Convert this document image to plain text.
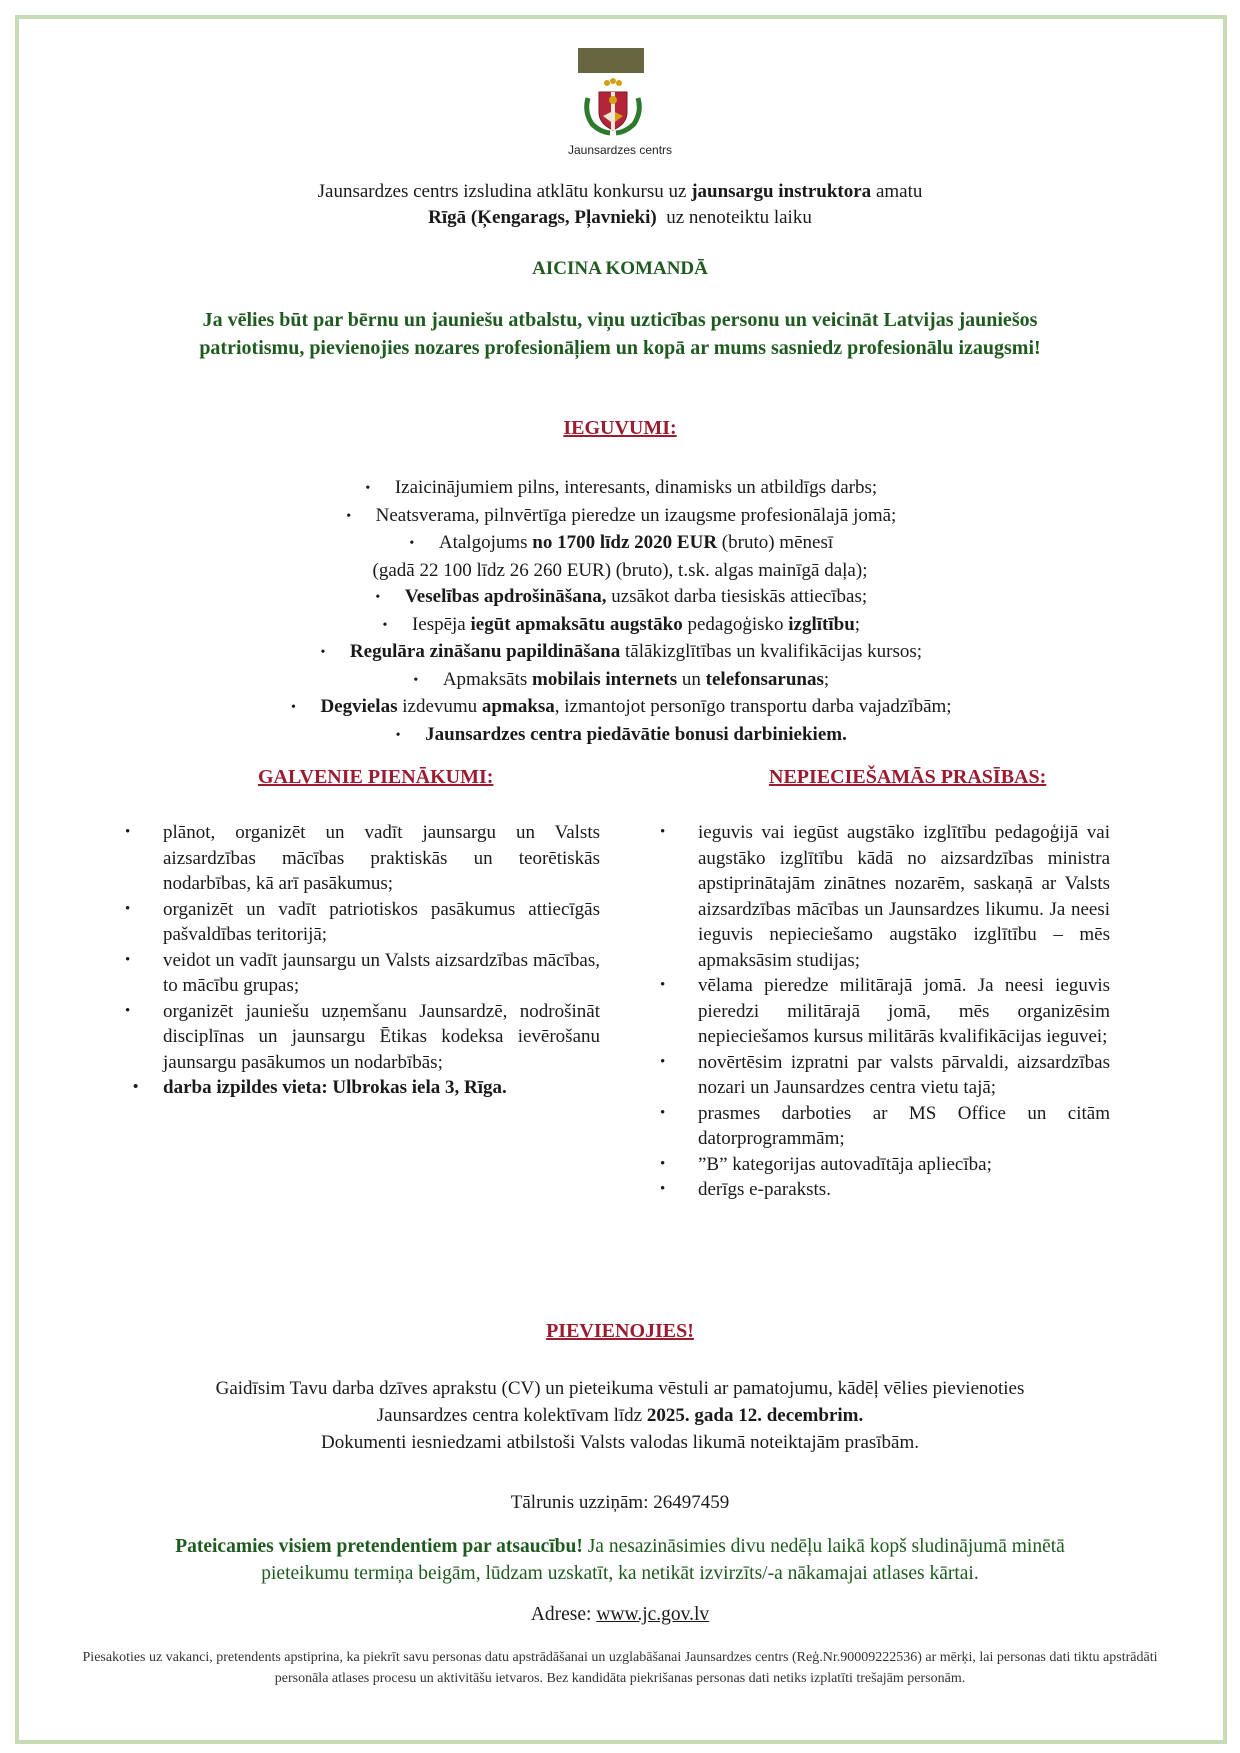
Jaunsardzes centrs
Jaunsardzes centrs izsludina atklātu konkursu uz jaunsargu instruktora amatu
Rīgā (Ķengarags, Pļavnieki) uz nenoteiktu laiku
AICINA KOMANDĀ
Ja vēlies būt par bērnu un jauniešu atbalstu, viņu uzticības personu un veicināt Latvijas jauniešos
patriotismu, pievienojies nozares profesionāļiem un kopā ar mums sasniedz profesionālu izaugsmi!
IEGUVUMI:
• Izaicinājumiem pilns, interesants, dinamisks un atbildīgs darbs;
• Neatsverama, pilnvērtīga pieredze un izaugsme profesionālajā jomā;
• Atalgojums no 1700 līdz 2020 EUR (bruto) mēnesī
(gadā 22 100 līdz 26 260 EUR) (bruto), t.sk. algas mainīgā daļa);
• Veselības apdrošināšana, uzsākot darba tiesiskās attiecības;
• Iespēja iegūt apmaksātu augstāko pedagoģisko izglītību;
• Regulāra zināšanu papildināšana tālākizglītības un kvalifikācijas kursos;
• Apmaksāts mobilais internets un telefonsarunas;
• Degvielas izdevumu apmaksa, izmantojot personīgo transportu darba vajadzībām;
• Jaunsardzes centra piedāvātie bonusi darbiniekiem.
GALVENIE PIENĀKUMI:	NEPIECIEŠAMĀS PRASĪBAS:
• plānot, organizēt un vadīt jaunsargu un Valsts aizsardzības mācības praktiskās un teorētiskās nodarbības, kā arī pasākumus;
• organizēt un vadīt patriotiskos pasākumus attiecīgās pašvaldības teritorijā;
• veidot un vadīt jaunsargu un Valsts aizsardzības mācības, to mācību grupas;
• organizēt jauniešu uzņemšanu Jaunsardzē, nodrošināt disciplīnas un jaunsargu Ētikas kodeksa ievērošanu jaunsargu pasākumos un nodarbībās;
• darba izpildes vieta: Ulbrokas iela 3, Rīga.
• ieguvis vai iegūst augstāko izglītību pedagoģijā vai augstāko izglītību kādā no aizsardzības ministra apstiprinātajām zinātnes nozarēm, saskaņā ar Valsts aizsardzības mācības un Jaunsardzes likumu. Ja neesi ieguvis nepieciešamo augstāko izglītību – mēs apmaksāsim studijas;
• vēlama pieredze militārajā jomā. Ja neesi ieguvis pieredzi militārajā jomā, mēs organizēsim nepieciešamos kursus militārās kvalifikācijas ieguvei;
• novērtēsim izpratni par valsts pārvaldi, aizsardzības nozari un Jaunsardzes centra vietu tajā;
• prasmes darboties ar MS Office un citām datorprogrammām;
• ”B” kategorijas autovadītāja apliecība;
• derīgs e-paraksts.
PIEVIENOJIES!
Gaidīsim Tavu darba dzīves aprakstu (CV) un pieteikuma vēstuli ar pamatojumu, kādēļ vēlies pievienoties
Jaunsardzes centra kolektīvam līdz 2025. gada 12. decembrim.
Dokumenti iesniedzami atbilstoši Valsts valodas likumā noteiktajām prasībām.
Tālrunis uzziņām: 26497459
Pateicamies visiem pretendentiem par atsaucību! Ja nesazināsimies divu nedēļu laikā kopš sludinājumā minētā
pieteikumu termiņa beigām, lūdzam uzskatīt, ka netikāt izvirzīts/-a nākamajai atlases kārtai.
Adrese: www.jc.gov.lv
Piesakoties uz vakanci, pretendents apstiprina, ka piekrīt savu personas datu apstrādāšanai un uzglabāšanai Jaunsardzes centrs (Reģ.Nr.90009222536) ar mērķi, lai personas dati tiktu apstrādāti personāla atlases procesu un aktivitāšu ietvaros. Bez kandidāta piekrišanas personas dati netiks izplatīti trešajām personām.
